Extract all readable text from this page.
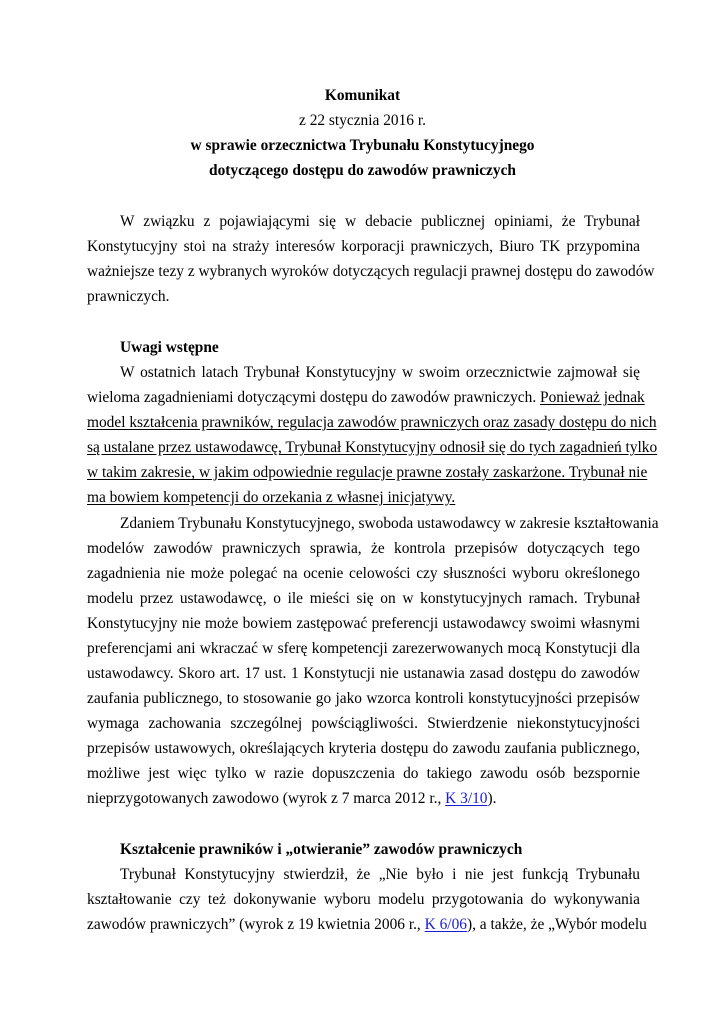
Komunikat
z 22 stycznia 2016 r.
w sprawie orzecznictwa Trybunału Konstytucyjnego
dotyczącego dostępu do zawodów prawniczych
W związku z pojawiającymi się w debacie publicznej opiniami, że Trybunał
Konstytucyjny stoi na straży interesów korporacji prawniczych, Biuro TK przypomina
ważniejsze tezy z wybranych wyroków dotyczących regulacji prawnej dostępu do zawodów
prawniczych.
Uwagi wstępne
W ostatnich latach Trybunał Konstytucyjny w swoim orzecznictwie zajmował się
wieloma zagadnieniami dotyczącymi dostępu do zawodów prawniczych. Ponieważ jednak
model kształcenia prawników, regulacja zawodów prawniczych oraz zasady dostępu do nich
są ustalane przez ustawodawcę, Trybunał Konstytucyjny odnosił się do tych zagadnień tylko
w takim zakresie, w jakim odpowiednie regulacje prawne zostały zaskarżone. Trybunał nie
ma bowiem kompetencji do orzekania z własnej inicjatywy.
Zdaniem Trybunału Konstytucyjnego, swoboda ustawodawcy w zakresie kształtowania
modelów zawodów prawniczych sprawia, że kontrola przepisów dotyczących tego
zagadnienia nie może polegać na ocenie celowości czy słuszności wyboru określonego
modelu przez ustawodawcę, o ile mieści się on w konstytucyjnych ramach. Trybunał
Konstytucyjny nie może bowiem zastępować preferencji ustawodawcy swoimi własnymi
preferencjami ani wkraczać w sferę kompetencji zarezerwowanych mocą Konstytucji dla
ustawodawcy. Skoro art. 17 ust. 1 Konstytucji nie ustanawia zasad dostępu do zawodów
zaufania publicznego, to stosowanie go jako wzorca kontroli konstytucyjności przepisów
wymaga zachowania szczególnej powściągliwości. Stwierdzenie niekonstytucyjności
przepisów ustawowych, określających kryteria dostępu do zawodu zaufania publicznego,
możliwe jest więc tylko w razie dopuszczenia do takiego zawodu osób bezspornie
nieprzygotowanych zawodowo (wyrok z 7 marca 2012 r., K 3/10).
Kształcenie prawników i „otwieranie” zawodów prawniczych
Trybunał Konstytucyjny stwierdził, że „Nie było i nie jest funkcją Trybunału
kształtowanie czy też dokonywanie wyboru modelu przygotowania do wykonywania
zawodów prawniczych” (wyrok z 19 kwietnia 2006 r., K 6/06), a także, że „Wybór modelu
